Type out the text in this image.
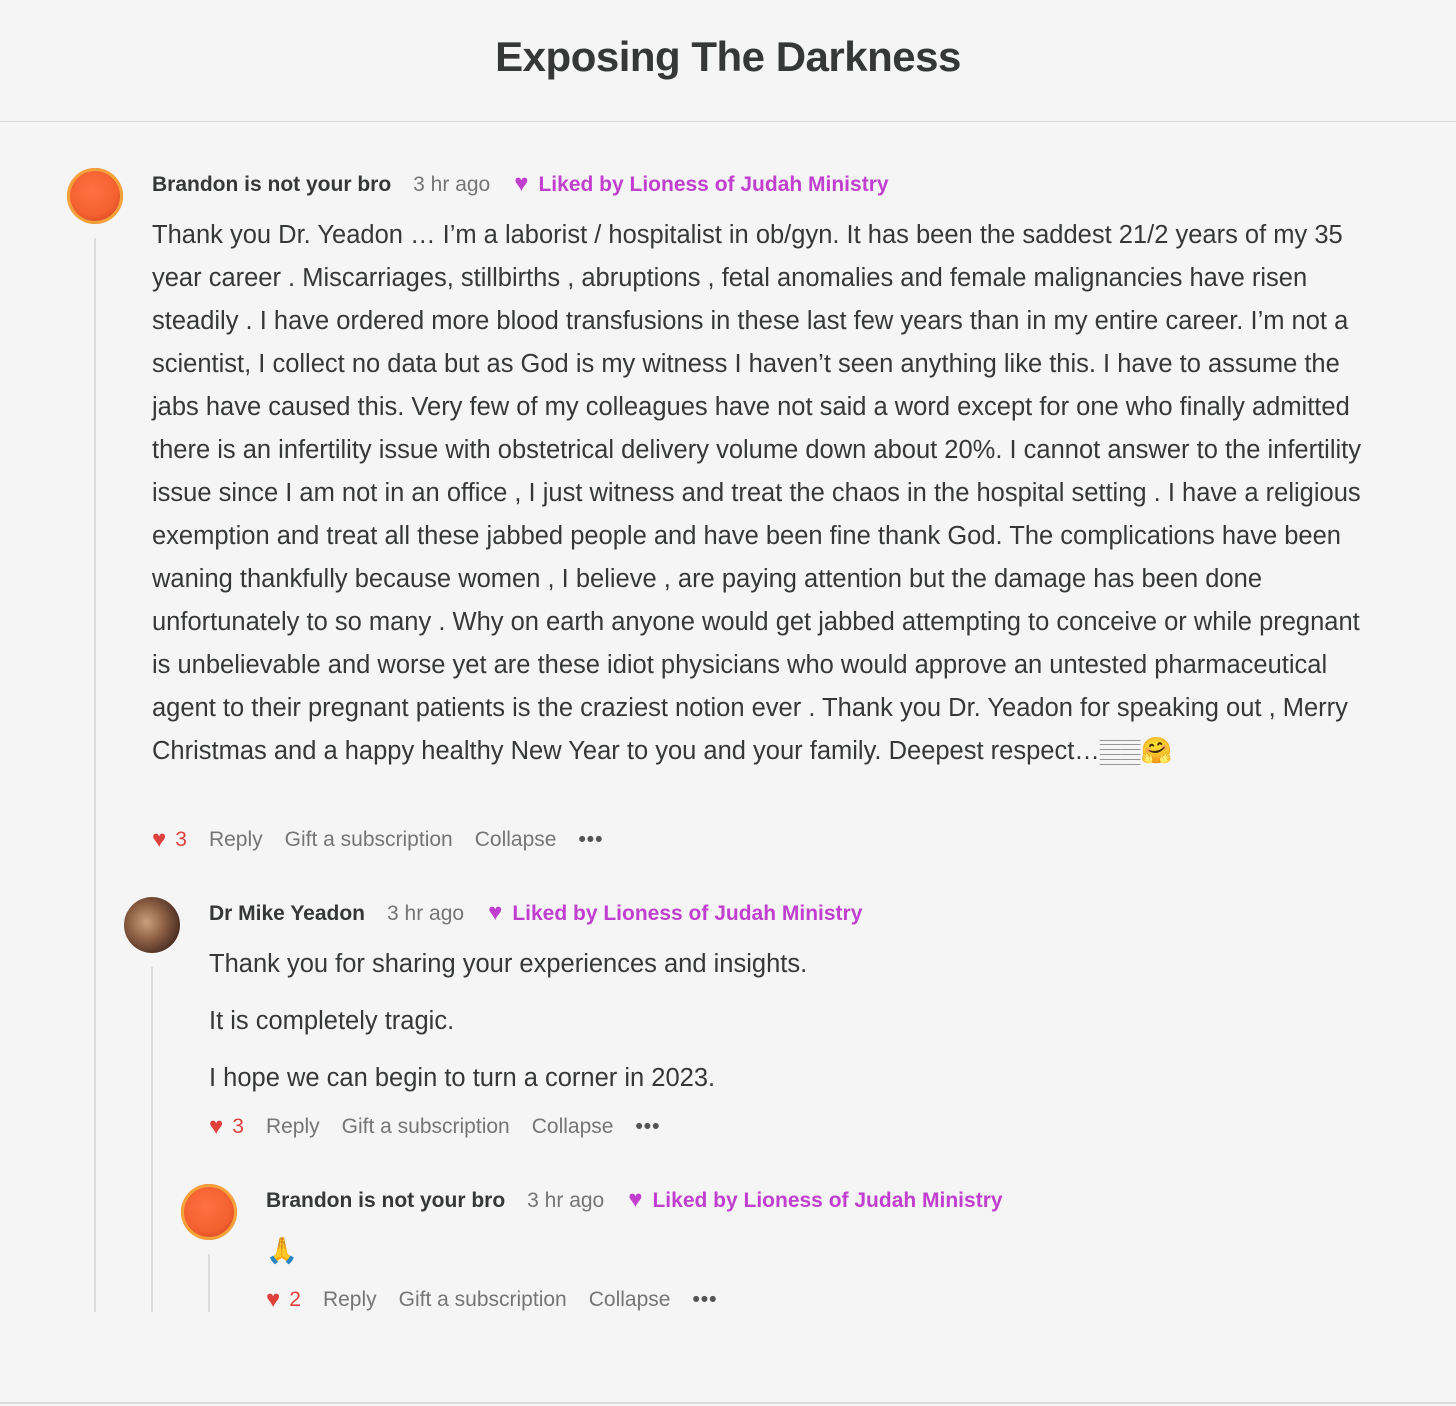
Exposing The Darkness
Brandon is not your bro 3 hr ago ♥ Liked by Lioness of Judah Ministry

Thank you Dr. Yeadon … I’m a laborist / hospitalist in ob/gyn. It has been the saddest 21/2 years of my 35 year career . Miscarriages, stillbirths , abruptions , fetal anomalies and female malignancies have risen steadily . I have ordered more blood transfusions in these last few years than in my entire career. I’m not a scientist, I collect no data but as God is my witness I haven’t seen anything like this. I have to assume the jabs have caused this. Very few of my colleagues have not said a word except for one who finally admitted there is an infertility issue with obstetrical delivery volume down about 20%. I cannot answer to the infertility issue since I am not in an office , I just witness and treat the chaos in the hospital setting . I have a religious exemption and treat all these jabbed people and have been fine thank God. The complications have been waning thankfully because women , I believe , are paying attention but the damage has been done unfortunately to so many . Why on earth anyone would get jabbed attempting to conceive or while pregnant is unbelievable and worse yet are these idiot physicians who would approve an untested pharmaceutical agent to their pregnant patients is the craziest notion ever . Thank you Dr. Yeadon for speaking out , Merry Christmas and a happy healthy New Year to you and your family. Deepest respect…𝄛𝄛🤗

♥ 3 Reply Gift a subscription Collapse •••
Dr Mike Yeadon 3 hr ago ♥ Liked by Lioness of Judah Ministry

Thank you for sharing your experiences and insights.

It is completely tragic.

I hope we can begin to turn a corner in 2023.

♥ 3 Reply Gift a subscription Collapse •••
Brandon is not your bro 3 hr ago ♥ Liked by Lioness of Judah Ministry

🙏

♥ 2 Reply Gift a subscription Collapse •••
